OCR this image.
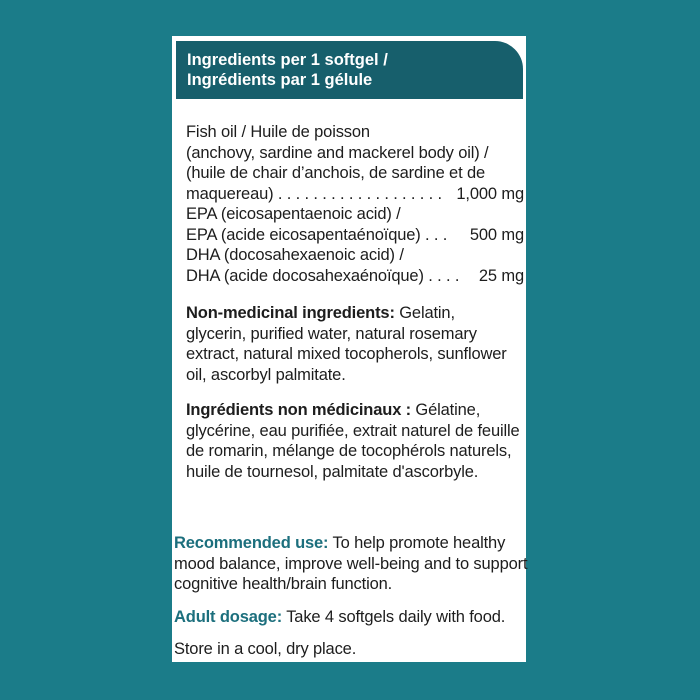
Ingredients per 1 softgel /
Ingrédients par 1 gélule
Fish oil / Huile de poisson
(anchovy, sardine and mackerel body oil) /
(huile de chair d’anchois, de sardine et de
maquereau) . . . . . . . . . . . . . . . . . . . 1,000 mg
EPA (eicosapentaenoic acid) /
EPA (acide eicosapentaénoïque) . . . 500 mg
DHA (docosahexaenoic acid) /
DHA (acide docosahexaénoïque) . . . . 25 mg
Non-medicinal ingredients: Gelatin,
glycerin, purified water, natural rosemary
extract, natural mixed tocopherols, sunflower
oil, ascorbyl palmitate.
Ingrédients non médicinaux : Gélatine,
glycérine, eau purifiée, extrait naturel de feuille
de romarin, mélange de tocophérols naturels,
huile de tournesol, palmitate d'ascorbyle.
Recommended use: To help promote healthy
mood balance, improve well-being and to support
cognitive health/brain function.
Adult dosage: Take 4 softgels daily with food.
Store in a cool, dry place.
